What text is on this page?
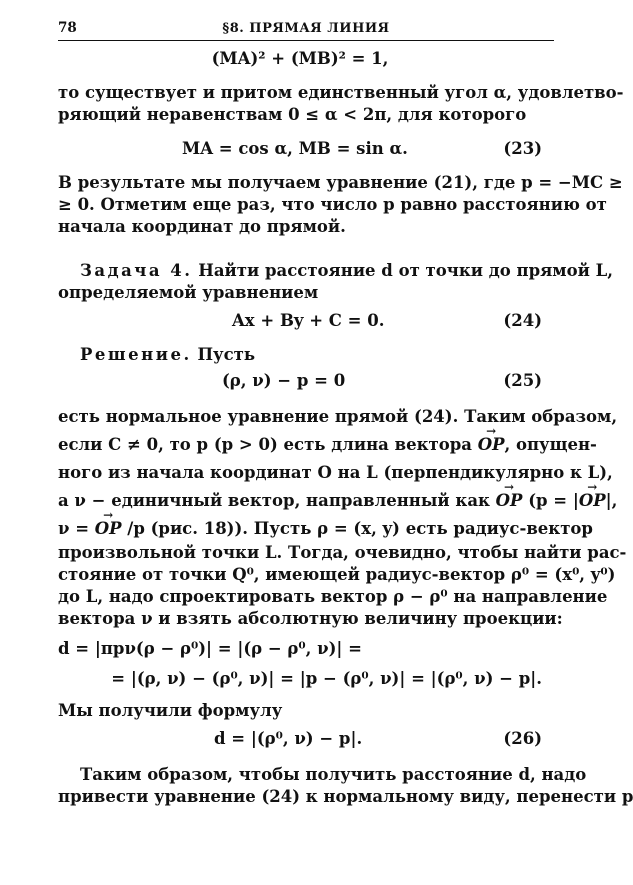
78	§8. ПРЯМАЯ ЛИНИЯ
(MA)² + (MB)² = 1,
то существует и притом единственный угол α, удовлетво-
ряющий неравенствам 0 ≤ α < 2π, для которого
MA = cos α, MB = sin α.	(23)
В результате мы получаем уравнение (21), где p = −MC ≥
≥ 0. Отметим еще раз, что число p равно расстоянию от
начала координат до прямой.
Задача 4. Найти расстояние d от точки до прямой L,
определяемой уравнением
Ax + By + C = 0.	(24)
Решение. Пусть
(ρ, ν) − p = 0	(25)
есть нормальное уравнение прямой (24). Таким образом,
если C ≠ 0, то p (p > 0) есть длина вектора → OP, опущен-
ного из начала координат O на L (перпендикулярно к L),
а ν − единичный вектор, направленный как → OP (p = |→ OP|,
ν = → OP /p (рис. 18)). Пусть ρ = (x, y) есть радиус-вектор
произвольной точки L. Тогда, очевидно, чтобы найти рас-
стояние от точки Q⁰, имеющей радиус-вектор ρ⁰ = (x⁰, y⁰)
до L, надо спроектировать вектор ρ − ρ⁰ на направление
вектора ν и взять абсолютную величину проекции:
d = |прν(ρ − ρ⁰)| = |(ρ − ρ⁰, ν)| =
= |(ρ, ν) − (ρ⁰, ν)| = |p − (ρ⁰, ν)| = |(ρ⁰, ν) − p|.
Мы получили формулу
d = |(ρ⁰, ν) − p|.	(26)
Таким образом, чтобы получить расстояние d, надо
привести уравнение (24) к нормальному виду, перенести p
